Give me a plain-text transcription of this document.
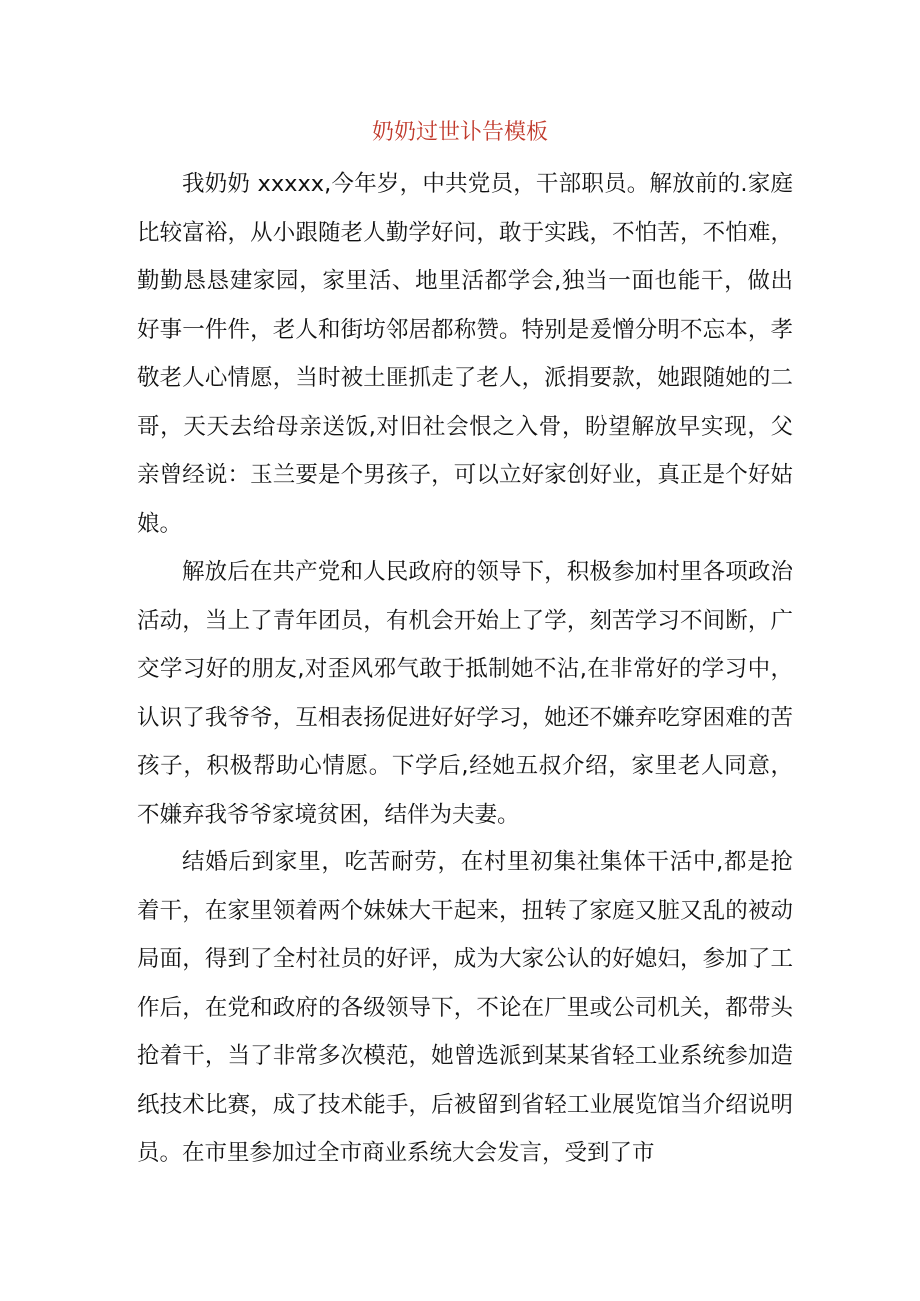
奶奶过世讣告模板

我奶奶 xxxxx,今年岁，中共党员，干部职员。解放前的.家庭比较富裕，从小跟随老人勤学好问，敢于实践，不怕苦，不怕难，勤勤恳恳建家园，家里活、地里活都学会,独当一面也能干，做出好事一件件，老人和街坊邻居都称赞。特别是爰憎分明不忘本，孝敬老人心情愿，当时被土匪抓走了老人，派捐要款，她跟随她的二哥，天天去给母亲送饭,对旧社会恨之入骨，盼望解放早实现，父亲曾经说：玉兰要是个男孩子，可以立好家创好业，真正是个好姑娘。

解放后在共产党和人民政府的领导下，积极参加村里各项政治活动，当上了青年团员，有机会开始上了学，刻苦学习不间断，广交学习好的朋友,对歪风邪气敢于抵制她不沾,在非常好的学习中，认识了我爷爷，互相表扬促进好好学习，她还不嫌弃吃穿困难的苦孩子，积极帮助心情愿。下学后,经她五叔介绍，家里老人同意，不嫌弃我爷爷家境贫困，结伴为夫妻。

结婚后到家里，吃苦耐劳，在村里初集社集体干活中,都是抢着干，在家里领着两个妹妹大干起来，扭转了家庭又脏又乱的被动局面，得到了全村社员的好评，成为大家公认的好媳妇，参加了工作后，在党和政府的各级领导下，不论在厂里或公司机关，都带头抢着干，当了非常多次模范，她曾选派到某某省轻工业系统参加造纸技术比赛，成了技术能手，后被留到省轻工业展览馆当介绍说明员。在市里参加过全市商业系统大会发言，受到了市
